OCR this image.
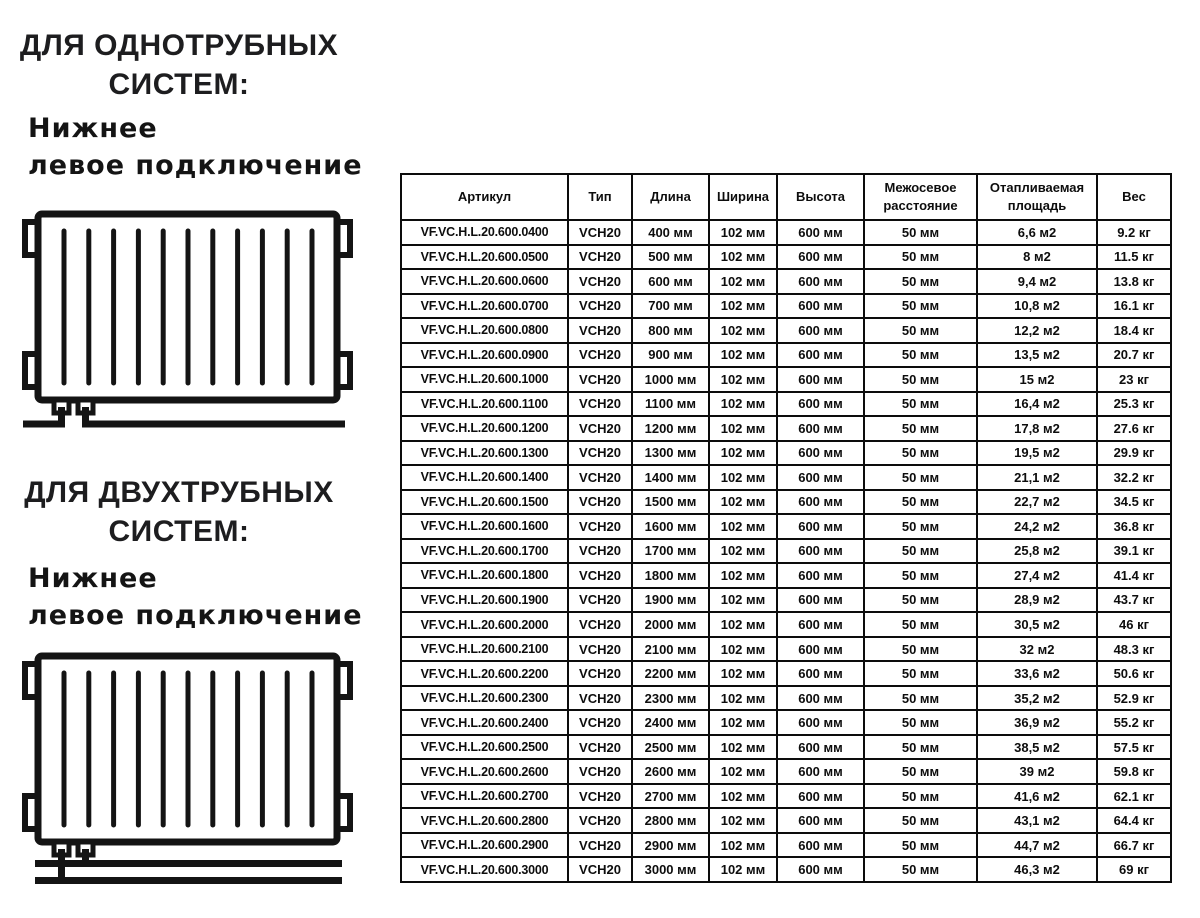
ДЛЯ ОДНОТРУБНЫХ
СИСТЕМ:
Нижнее
левое подключение
ДЛЯ ДВУХТРУБНЫХ
СИСТЕМ:
Нижнее
левое подключение
Артикул	Тип	Длина	Ширина	Высота	Межосевое расстояние	Отапливаемая площадь	Вес
VF.VC.H.L.20.600.0400	VCH20	400 мм	102 мм	600 мм	50 мм	6,6 м2	9.2 кг
VF.VC.H.L.20.600.0500	VCH20	500 мм	102 мм	600 мм	50 мм	8 м2	11.5 кг
VF.VC.H.L.20.600.0600	VCH20	600 мм	102 мм	600 мм	50 мм	9,4 м2	13.8 кг
VF.VC.H.L.20.600.0700	VCH20	700 мм	102 мм	600 мм	50 мм	10,8 м2	16.1 кг
VF.VC.H.L.20.600.0800	VCH20	800 мм	102 мм	600 мм	50 мм	12,2 м2	18.4 кг
VF.VC.H.L.20.600.0900	VCH20	900 мм	102 мм	600 мм	50 мм	13,5 м2	20.7 кг
VF.VC.H.L.20.600.1000	VCH20	1000 мм	102 мм	600 мм	50 мм	15 м2	23 кг
VF.VC.H.L.20.600.1100	VCH20	1100 мм	102 мм	600 мм	50 мм	16,4 м2	25.3 кг
VF.VC.H.L.20.600.1200	VCH20	1200 мм	102 мм	600 мм	50 мм	17,8 м2	27.6 кг
VF.VC.H.L.20.600.1300	VCH20	1300 мм	102 мм	600 мм	50 мм	19,5 м2	29.9 кг
VF.VC.H.L.20.600.1400	VCH20	1400 мм	102 мм	600 мм	50 мм	21,1 м2	32.2 кг
VF.VC.H.L.20.600.1500	VCH20	1500 мм	102 мм	600 мм	50 мм	22,7 м2	34.5 кг
VF.VC.H.L.20.600.1600	VCH20	1600 мм	102 мм	600 мм	50 мм	24,2 м2	36.8 кг
VF.VC.H.L.20.600.1700	VCH20	1700 мм	102 мм	600 мм	50 мм	25,8 м2	39.1 кг
VF.VC.H.L.20.600.1800	VCH20	1800 мм	102 мм	600 мм	50 мм	27,4 м2	41.4 кг
VF.VC.H.L.20.600.1900	VCH20	1900 мм	102 мм	600 мм	50 мм	28,9 м2	43.7 кг
VF.VC.H.L.20.600.2000	VCH20	2000 мм	102 мм	600 мм	50 мм	30,5 м2	46 кг
VF.VC.H.L.20.600.2100	VCH20	2100 мм	102 мм	600 мм	50 мм	32 м2	48.3 кг
VF.VC.H.L.20.600.2200	VCH20	2200 мм	102 мм	600 мм	50 мм	33,6 м2	50.6 кг
VF.VC.H.L.20.600.2300	VCH20	2300 мм	102 мм	600 мм	50 мм	35,2 м2	52.9 кг
VF.VC.H.L.20.600.2400	VCH20	2400 мм	102 мм	600 мм	50 мм	36,9 м2	55.2 кг
VF.VC.H.L.20.600.2500	VCH20	2500 мм	102 мм	600 мм	50 мм	38,5 м2	57.5 кг
VF.VC.H.L.20.600.2600	VCH20	2600 мм	102 мм	600 мм	50 мм	39 м2	59.8 кг
VF.VC.H.L.20.600.2700	VCH20	2700 мм	102 мм	600 мм	50 мм	41,6 м2	62.1 кг
VF.VC.H.L.20.600.2800	VCH20	2800 мм	102 мм	600 мм	50 мм	43,1 м2	64.4 кг
VF.VC.H.L.20.600.2900	VCH20	2900 мм	102 мм	600 мм	50 мм	44,7 м2	66.7 кг
VF.VC.H.L.20.600.3000	VCH20	3000 мм	102 мм	600 мм	50 мм	46,3 м2	69 кг
